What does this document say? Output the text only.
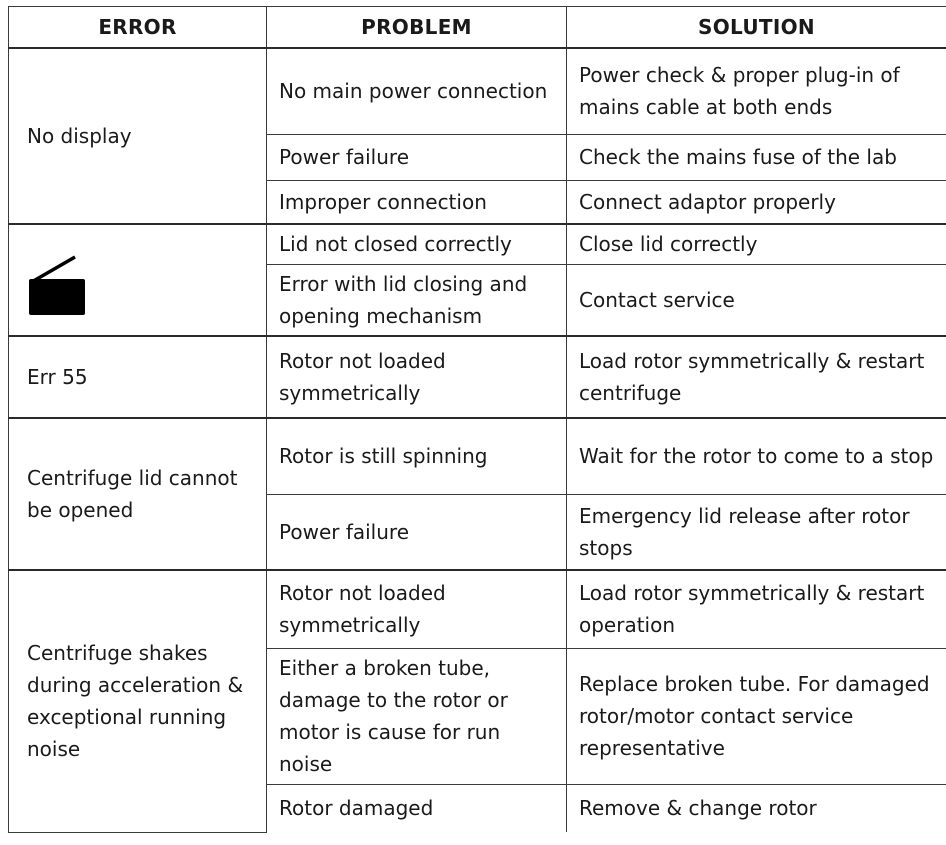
ERROR	PROBLEM	SOLUTION
No display	No main power connection	Power check & proper plug-in of mains cable at both ends
	Power failure	Check the mains fuse of the lab
	Improper connection	Connect adaptor properly

	Lid not closed correctly	Close lid correctly
	Error with lid closing and opening mechanism	Contact service
Err 55	Rotor not loaded symmetrically	Load rotor symmetrically & restart centrifuge
Centrifuge lid cannot be opened	Rotor is still spinning	Wait for the rotor to come to a stop
	Power failure	Emergency lid release after rotor stops
Centrifuge shakes during acceleration & exceptional running noise	Rotor not loaded symmetrically	Load rotor symmetrically & restart operation
	Either a broken tube, damage to the rotor or motor is cause for run noise	Replace broken tube. For damaged rotor/motor contact service representative
	Rotor damaged	Remove & change rotor
